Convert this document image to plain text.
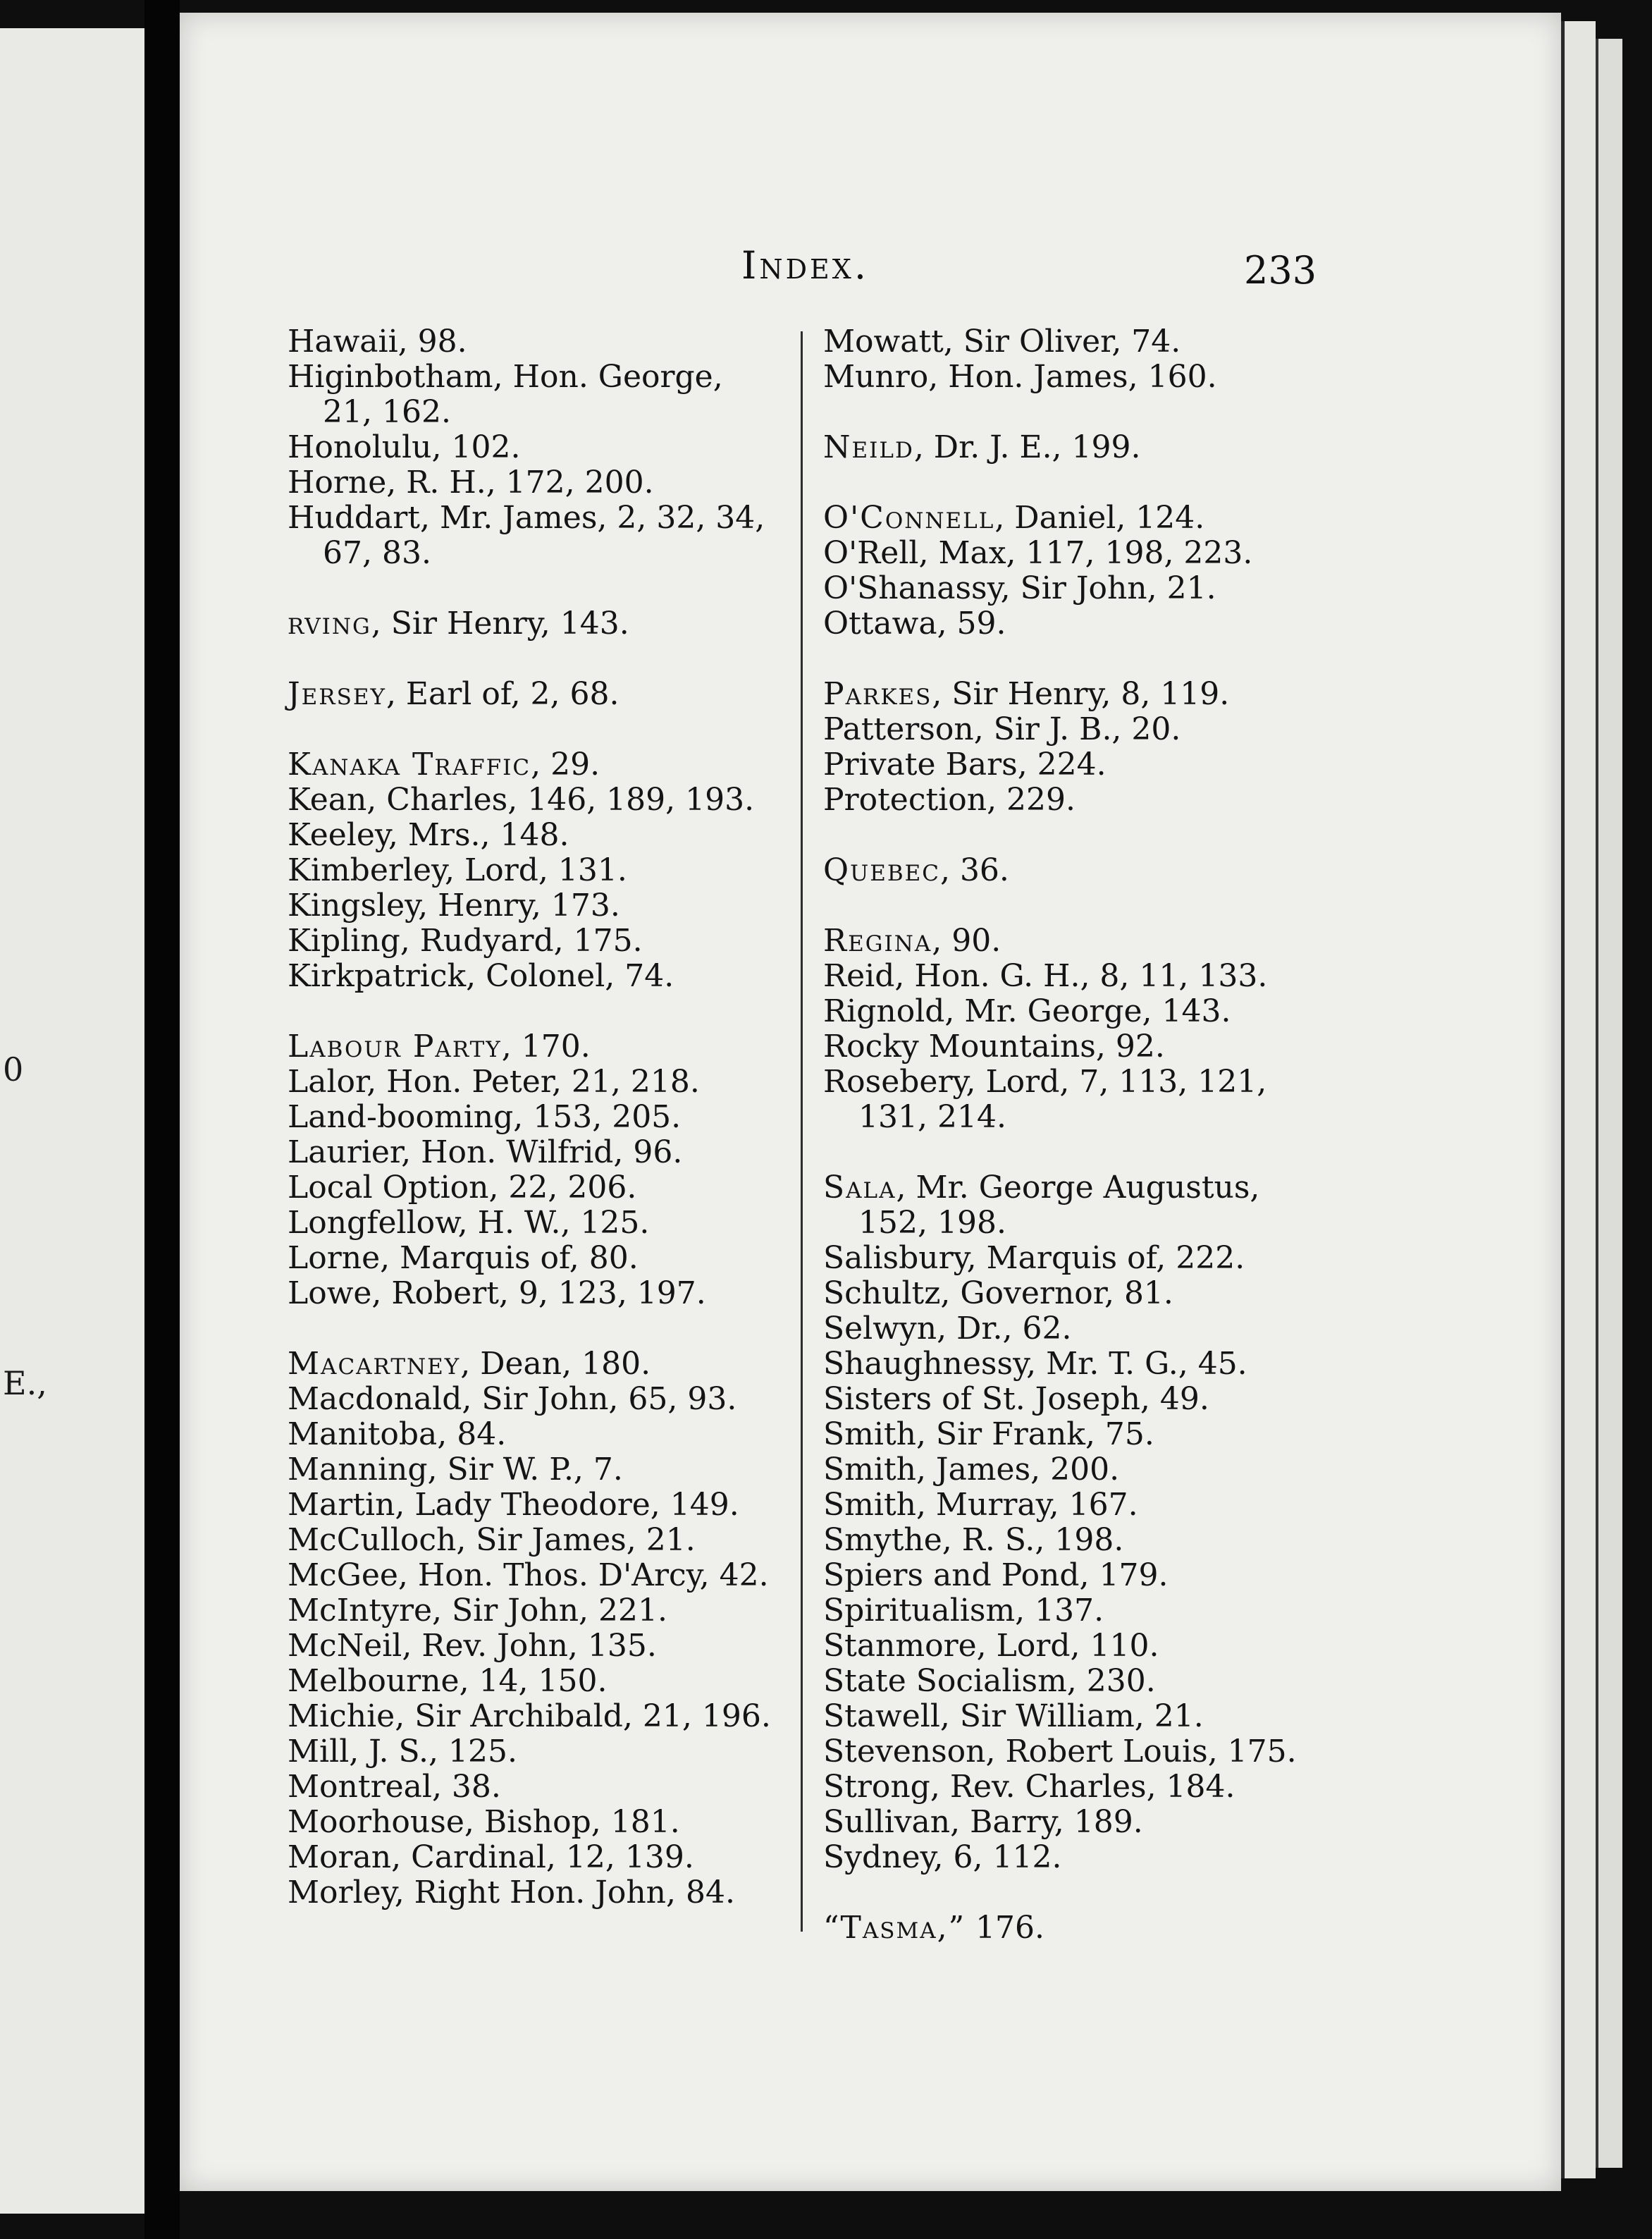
0
E.,
Index.	233
Hawaii, 98.
Higinbotham, Hon. George, 21, 162.
Honolulu, 102.
Horne, R. H., 172, 200.
Huddart, Mr. James, 2, 32, 34, 67, 83.
rving, Sir Henry, 143.
Jersey, Earl of, 2, 68.
Kanaka Traffic, 29.
Kean, Charles, 146, 189, 193.
Keeley, Mrs., 148.
Kimberley, Lord, 131.
Kingsley, Henry, 173.
Kipling, Rudyard, 175.
Kirkpatrick, Colonel, 74.
Labour Party, 170.
Lalor, Hon. Peter, 21, 218.
Land-booming, 153, 205.
Laurier, Hon. Wilfrid, 96.
Local Option, 22, 206.
Longfellow, H. W., 125.
Lorne, Marquis of, 80.
Lowe, Robert, 9, 123, 197.
Macartney, Dean, 180.
Macdonald, Sir John, 65, 93.
Manitoba, 84.
Manning, Sir W. P., 7.
Martin, Lady Theodore, 149.
McCulloch, Sir James, 21.
McGee, Hon. Thos. D'Arcy, 42.
McIntyre, Sir John, 221.
McNeil, Rev. John, 135.
Melbourne, 14, 150.
Michie, Sir Archibald, 21, 196.
Mill, J. S., 125.
Montreal, 38.
Moorhouse, Bishop, 181.
Moran, Cardinal, 12, 139.
Morley, Right Hon. John, 84.
Mowatt, Sir Oliver, 74.
Munro, Hon. James, 160.
Neild, Dr. J. E., 199.
O'Connell, Daniel, 124.
O'Rell, Max, 117, 198, 223.
O'Shanassy, Sir John, 21.
Ottawa, 59.
Parkes, Sir Henry, 8, 119.
Patterson, Sir J. B., 20.
Private Bars, 224.
Protection, 229.
Quebec, 36.
Regina, 90.
Reid, Hon. G. H., 8, 11, 133.
Rignold, Mr. George, 143.
Rocky Mountains, 92.
Rosebery, Lord, 7, 113, 121, 131, 214.
Sala, Mr. George Augustus, 152, 198.
Salisbury, Marquis of, 222.
Schultz, Governor, 81.
Selwyn, Dr., 62.
Shaughnessy, Mr. T. G., 45.
Sisters of St. Joseph, 49.
Smith, Sir Frank, 75.
Smith, James, 200.
Smith, Murray, 167.
Smythe, R. S., 198.
Spiers and Pond, 179.
Spiritualism, 137.
Stanmore, Lord, 110.
State Socialism, 230.
Stawell, Sir William, 21.
Stevenson, Robert Louis, 175.
Strong, Rev. Charles, 184.
Sullivan, Barry, 189.
Sydney, 6, 112.
“Tasma,” 176.
